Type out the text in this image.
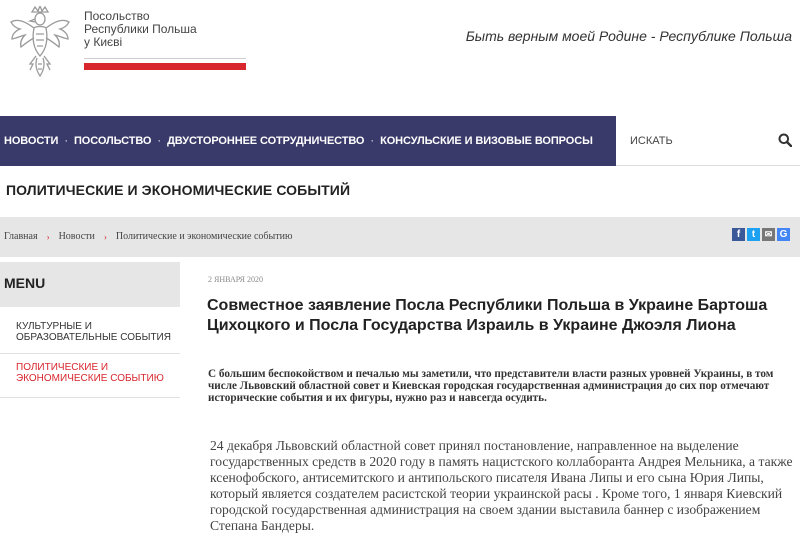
Посольство
Республики Польша
у Києві	Быть верным моей Родине - Республике Польша
НОВОСТИ · ПОСОЛЬСТВО · ДВУСТОРОННЕЕ СОТРУДНИЧЕСТВО · КОНСУЛЬСКИЕ И ВИЗОВЫЕ ВОПРОСЫ
ИСКАТЬ
ПОЛИТИЧЕСКИЕ И ЭКОНОМИЧЕСКИЕ СОБЫТИЙ
Главная › Новости › Политические и экономические событию	f	t	✉ G
MENU
КУЛЬТУРНЫЕ И
ОБРАЗОВАТЕЛЬНЫЕ СОБЫТИЯ
ПОЛИТИЧЕСКИЕ И
ЭКОНОМИЧЕСКИЕ СОБЫТИЮ
2 ЯНВАРЯ 2020
Совместное заявление Посла Республики Польша в Украине Бартоша Цихоцкого и Посла Государства Израиль в Украине Джоэля Лиона
С большим беспокойством и печалью мы заметили, что представители власти разных уровней Украины, в том числе Львовский областной совет и Киевская городская государственная администрация до сих пор отмечают исторические события и их фигуры, нужно раз и навсегда осудить.
24 декабря Львовский областной совет принял постановление, направленное на выделение государственных средств в 2020 году в память нацистского коллаборанта Андрея Мельника, а также ксенофобского, антисемитского и антипольского писателя Ивана Липы и его сына Юрия Липы, который является создателем расистской теории украинской расы . Кроме того, 1 января Киевский городской государственная администрация на своем здании выставила баннер с изображением Степана Бандеры.
